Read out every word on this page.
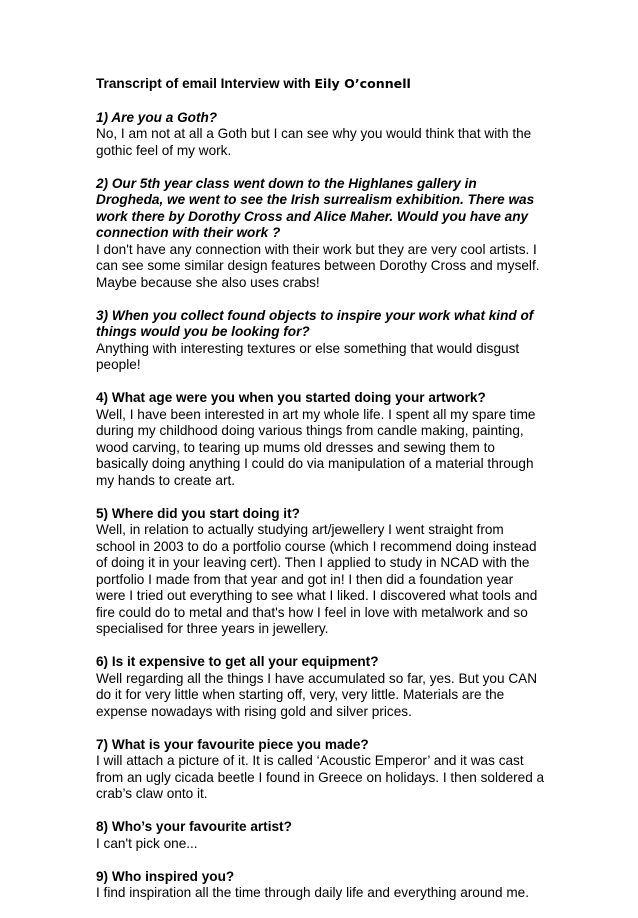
Transcript of email Interview with Eily O’connell

1) Are you a Goth?

No, I am not at all a Goth but I can see why you would think that with the gothic feel of my work.

2) Our 5th year class went down to the Highlanes gallery in Drogheda, we went to see the Irish surrealism exhibition. There was work there by Dorothy Cross and Alice Maher. Would you have any connection with their work ?

I don't have any connection with their work but they are very cool artists. I can see some similar design features between Dorothy Cross and myself. Maybe because she also uses crabs!

3) When you collect found objects to inspire your work what kind of things would you be looking for?

Anything with interesting textures or else something that would disgust people!

4) What age were you when you started doing your artwork?

Well, I have been interested in art my whole life. I spent all my spare time during my childhood doing various things from candle making, painting, wood carving, to tearing up mums old dresses and sewing them to basically doing anything I could do via manipulation of a material through my hands to create art.

5) Where did you start doing it?

Well, in relation to actually studying art/jewellery I went straight from school in 2003 to do a portfolio course (which I recommend doing instead of doing it in your leaving cert). Then I applied to study in NCAD with the portfolio I made from that year and got in! I then did a foundation year were I tried out everything to see what I liked. I discovered what tools and fire could do to metal and that's how I feel in love with metalwork and so specialised for three years in jewellery.

6) Is it expensive to get all your equipment?

Well regarding all the things I have accumulated so far, yes. But you CAN do it for very little when starting off, very, very little. Materials are the expense nowadays with rising gold and silver prices.

7) What is your favourite piece you made?

I will attach a picture of it. It is called ‘Acoustic Emperor’ and it was cast from an ugly cicada beetle I found in Greece on holidays. I then soldered a crab’s claw onto it.

8) Who’s your favourite artist?

I can't pick one...

9) Who inspired you?

I find inspiration all the time through daily life and everything around me.
